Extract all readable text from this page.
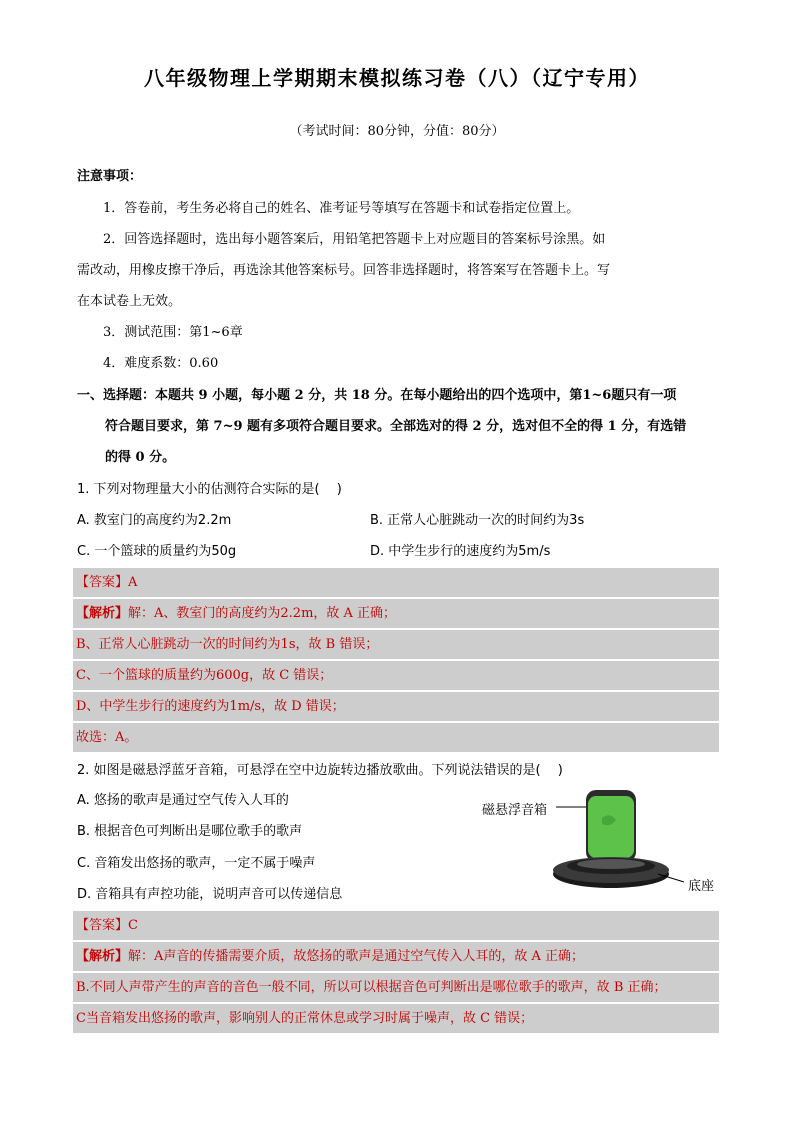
八年级物理上学期期末模拟练习卷（八）（辽宁专用）
（考试时间：80分钟，分值：80分）
注意事项：
1．答卷前，考生务必将自己的姓名、准考证号等填写在答题卡和试卷指定位置上。
2．回答选择题时，选出每小题答案后，用铅笔把答题卡上对应题目的答案标号涂黑。如
需改动，用橡皮擦干净后，再选涂其他答案标号。回答非选择题时，将答案写在答题卡上。写
在本试卷上无效。
3．测试范围：第1~6章
4．难度系数：0.60
一、选择题：本题共 9 小题，每小题 2 分，共 18 分。在每小题给出的四个选项中，第1~6题只有一项
符合题目要求，第 7~9 题有多项符合题目要求。全部选对的得 2 分，选对但不全的得 1 分，有选错
的得 0 分。
1. 下列对物理量大小的估测符合实际的是(　 )
A. 教室门的高度约为2.2m	B. 正常人心脏跳动一次的时间约为3s
C. 一个篮球的质量约为50g	D. 中学生步行的速度约为5m/s
【答案】A
【解析】解：A、教室门的高度约为2.2m，故 A 正确；
B、正常人心脏跳动一次的时间约为1s，故 B 错误；
C、一个篮球的质量约为600g，故 C 错误；
D、中学生步行的速度约为1m/s，故 D 错误；
故选：A。
2. 如图是磁悬浮蓝牙音箱，可悬浮在空中边旋转边播放歌曲。下列说法错误的是(　 )
A. 悠扬的歌声是通过空气传入人耳的
B. 根据音色可判断出是哪位歌手的歌声
C. 音箱发出悠扬的歌声，一定不属于噪声
D. 音箱具有声控功能，说明声音可以传递信息
磁悬浮音箱
底座
【答案】C
【解析】解：A声音的传播需要介质，故悠扬的歌声是通过空气传入人耳的，故 A 正确；
B.不同人声带产生的声音的音色一般不同，所以可以根据音色可判断出是哪位歌手的歌声，故 B 正确；
C当音箱发出悠扬的歌声，影响别人的正常休息或学习时属于噪声，故 C 错误；
